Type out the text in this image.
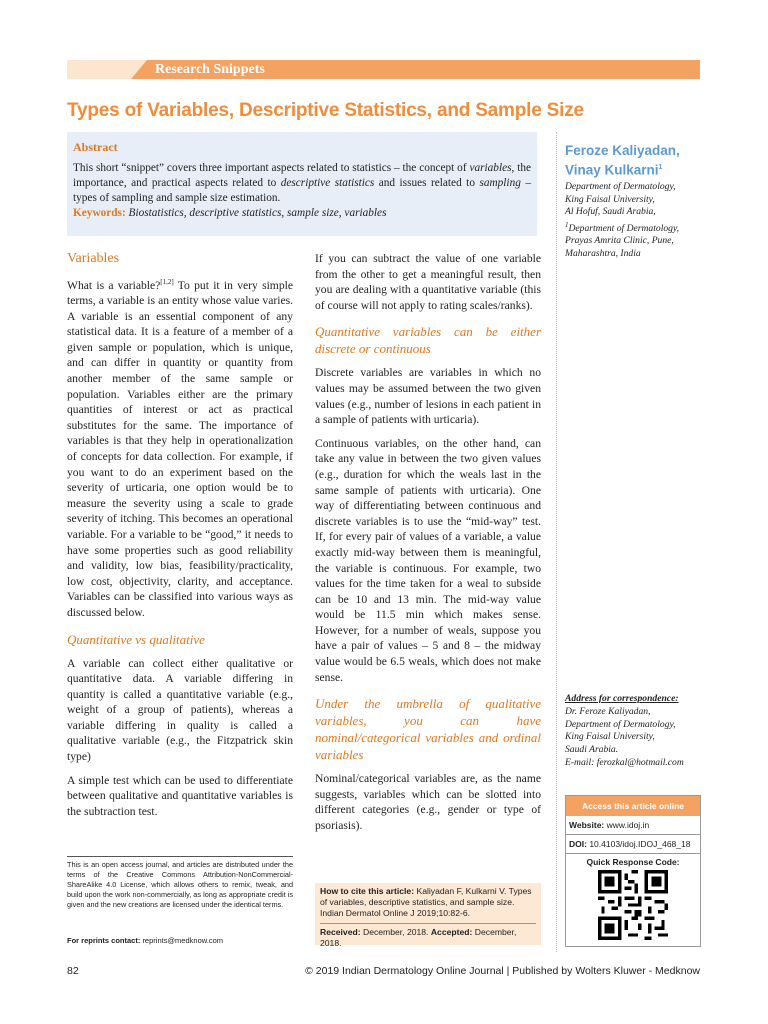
Research Snippets
Types of Variables, Descriptive Statistics, and Sample Size
Abstract

This short “snippet” covers three important aspects related to statistics – the concept of variables, the importance, and practical aspects related to descriptive statistics and issues related to sampling – types of sampling and sample size estimation.

Keywords: Biostatistics, descriptive statistics, sample size, variables

Feroze Kaliyadan,
Vinay Kulkarni$^1$
Department of Dermatology,
King Faisal University,
Al Hofuf, Saudi Arabia,
$^1$Department of Dermatology,
Prayas Amrita Clinic, Pune,
Maharashtra, India
Variables

What is a variable?[1,2] To put it in very simple terms, a variable is an entity whose value varies. A variable is an essential component of any statistical data. It is a feature of a member of a given sample or population, which is unique, and can differ in quantity or quantity from another member of the same sample or population. Variables either are the primary quantities of interest or act as practical substitutes for the same. The importance of variables is that they help in operationalization of concepts for data collection. For example, if you want to do an experiment based on the severity of urticaria, one option would be to measure the severity using a scale to grade severity of itching. This becomes an operational variable. For a variable to be “good,” it needs to have some properties such as good reliability and validity, low bias, feasibility/practicality, low cost, objectivity, clarity, and acceptance. Variables can be classified into various ways as discussed below.

Quantitative vs qualitative

A variable can collect either qualitative or quantitative data. A variable differing in quantity is called a quantitative variable (e.g., weight of a group of patients), whereas a variable differing in quality is called a qualitative variable (e.g., the Fitzpatrick skin type)

A simple test which can be used to differentiate between qualitative and quantitative variables is the subtraction test.

If you can subtract the value of one variable from the other to get a meaningful result, then you are dealing with a quantitative variable (this of course will not apply to rating scales/ranks).

Quantitative variables can be either discrete or continuous

Discrete variables are variables in which no values may be assumed between the two given values (e.g., number of lesions in each patient in a sample of patients with urticaria).

Continuous variables, on the other hand, can take any value in between the two given values (e.g., duration for which the weals last in the same sample of patients with urticaria). One way of differentiating between continuous and discrete variables is to use the “mid-way” test. If, for every pair of values of a variable, a value exactly mid-way between them is meaningful, the variable is continuous. For example, two values for the time taken for a weal to subside can be 10 and 13 min. The mid-way value would be 11.5 min which makes sense. However, for a number of weals, suppose you have a pair of values – 5 and 8 – the midway value would be 6.5 weals, which does not make sense.

Under the umbrella of qualitative variables, you can have nominal/categorical variables and ordinal variables

Nominal/categorical variables are, as the name suggests, variables which can be slotted into different categories (e.g., gender or type of psoriasis).

This is an open access journal, and articles are distributed under the terms of the Creative Commons Attribution-NonCommercial-ShareAlike 4.0 License, which allows others to remix, tweak, and build upon the work non-commercially, as long as appropriate credit is given and the new creations are licensed under the identical terms.
For reprints contact: reprints@medknow.com
How to cite this article: Kaliyadan F, Kulkarni V. Types of variables, descriptive statistics, and sample size. Indian Dermatol Online J 2019;10:82-6.
Received: December, 2018. Accepted: December, 2018.
Address for correspondence:
Dr. Feroze Kaliyadan,
Department of Dermatology,
King Faisal University,
Saudi Arabia.
E-mail: ferozkal@hotmail.com
Access this article online
Website: www.idoj.in
DOI: 10.4103/idoj.IDOJ_468_18
Quick Response Code:
82	© 2019 Indian Dermatology Online Journal | Published by Wolters Kluwer - Medknow
